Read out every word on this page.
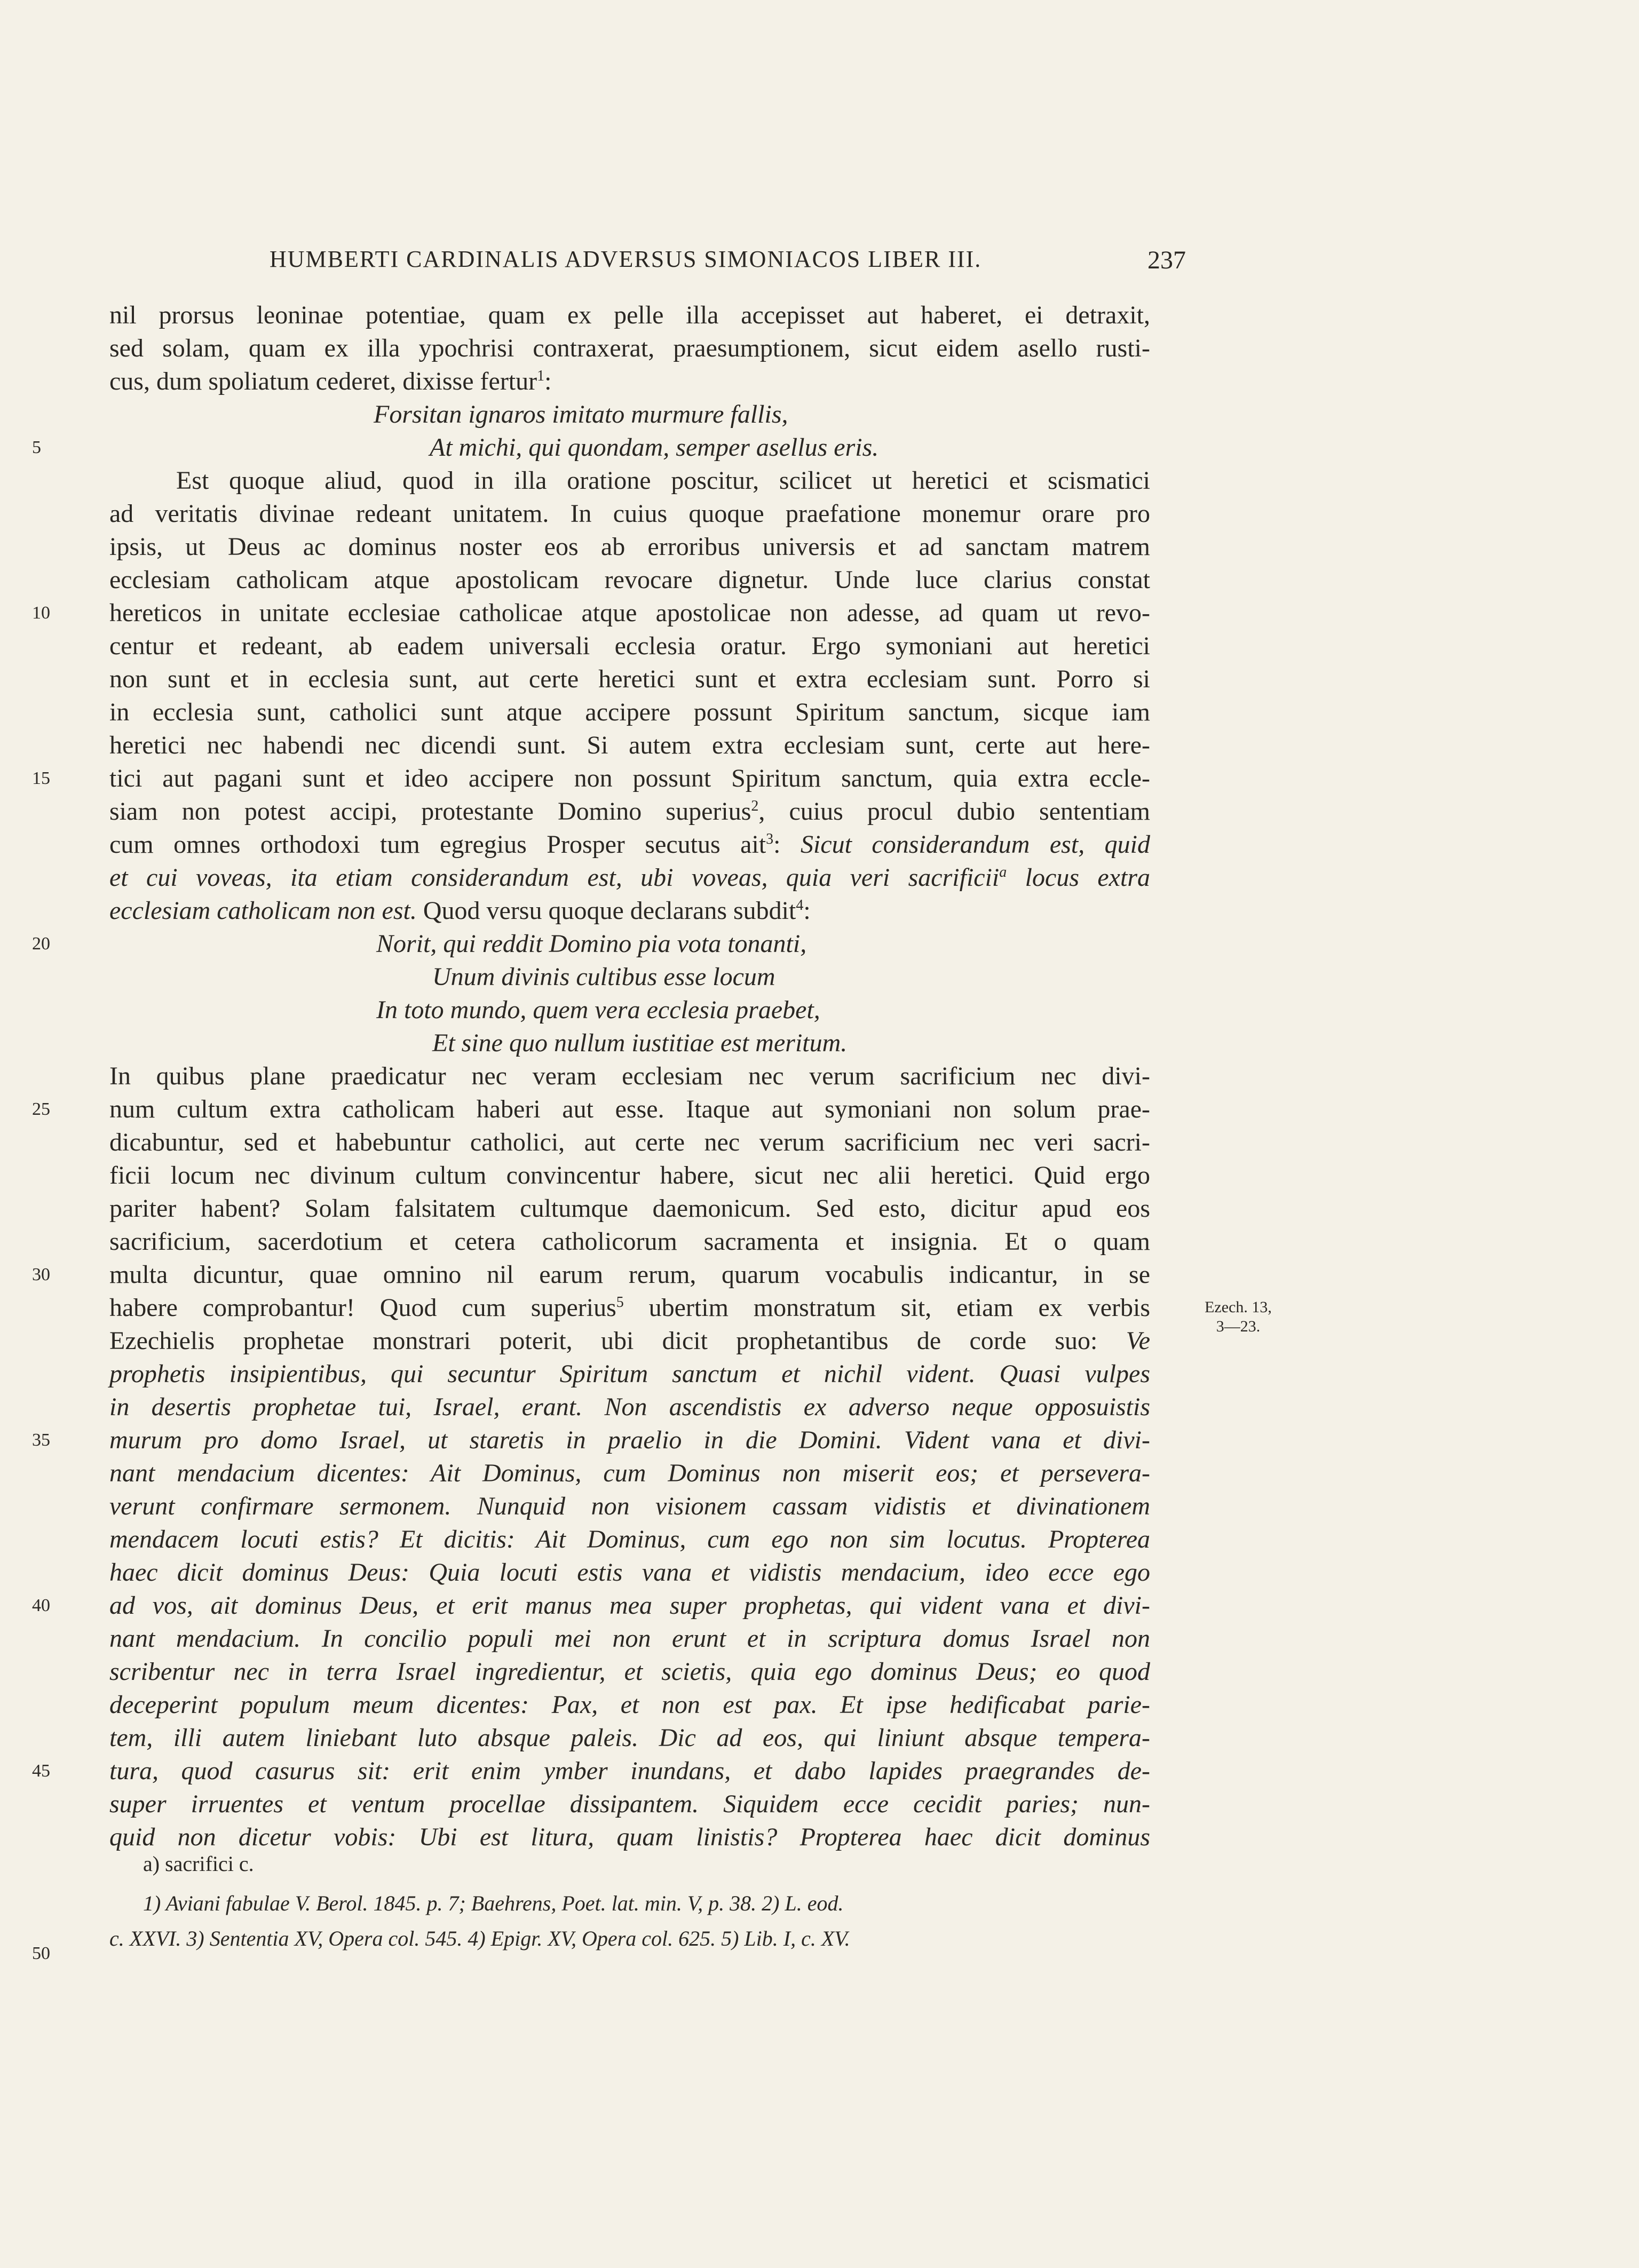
HUMBERTI CARDINALIS ADVERSUS SIMONIACOS LIBER III.	237
5
10
15
20
25
30
35
40
45
50
nil prorsus leoninae potentiae, quam ex pelle illa accepisset aut haberet, ei detraxit,
sed solam, quam ex illa ypochrisi contraxerat, praesumptionem, sicut eidem asello rusti-
cus, dum spoliatum cederet, dixisse fertur$^1$:
Forsitan ignaros imitato murmure fallis,
At michi, qui quondam, semper asellus eris.
Est quoque aliud, quod in illa oratione poscitur, scilicet ut heretici et scismatici
ad veritatis divinae redeant unitatem. In cuius quoque praefatione monemur orare pro
ipsis, ut Deus ac dominus noster eos ab erroribus universis et ad sanctam matrem
ecclesiam catholicam atque apostolicam revocare dignetur. Unde luce clarius constat
hereticos in unitate ecclesiae catholicae atque apostolicae non adesse, ad quam ut revo-
centur et redeant, ab eadem universali ecclesia oratur. Ergo symoniani aut heretici
non sunt et in ecclesia sunt, aut certe heretici sunt et extra ecclesiam sunt. Porro si
in ecclesia sunt, catholici sunt atque accipere possunt Spiritum sanctum, sicque iam
heretici nec habendi nec dicendi sunt. Si autem extra ecclesiam sunt, certe aut here-
tici aut pagani sunt et ideo accipere non possunt Spiritum sanctum, quia extra eccle-
siam non potest accipi, protestante Domino superius$^2$, cuius procul dubio sententiam
cum omnes orthodoxi tum egregius Prosper secutus ait$^3$: Sicut considerandum est, quid
et cui voveas, ita etiam considerandum est, ubi voveas, quia veri sacrificii$^a$ locus extra
ecclesiam catholicam non est. Quod versu quoque declarans subdit$^4$:
Norit, qui reddit Domino pia vota tonanti,
Unum divinis cultibus esse locum
In toto mundo, quem vera ecclesia praebet,
Et sine quo nullum iustitiae est meritum.
In quibus plane praedicatur nec veram ecclesiam nec verum sacrificium nec divi-
num cultum extra catholicam haberi aut esse. Itaque aut symoniani non solum prae-
dicabuntur, sed et habebuntur catholici, aut certe nec verum sacrificium nec veri sacri-
ficii locum nec divinum cultum convincentur habere, sicut nec alii heretici. Quid ergo
pariter habent? Solam falsitatem cultumque daemonicum. Sed esto, dicitur apud eos
sacrificium, sacerdotium et cetera catholicorum sacramenta et insignia. Et o quam
multa dicuntur, quae omnino nil earum rerum, quarum vocabulis indicantur, in se
habere comprobantur! Quod cum superius$^5$ ubertim monstratum sit, etiam ex verbis
Ezechielis prophetae monstrari poterit, ubi dicit prophetantibus de corde suo: Ve
prophetis insipientibus, qui secuntur Spiritum sanctum et nichil vident. Quasi vulpes
in desertis prophetae tui, Israel, erant. Non ascendistis ex adverso neque opposuistis
murum pro domo Israel, ut staretis in praelio in die Domini. Vident vana et divi-
nant mendacium dicentes: Ait Dominus, cum Dominus non miserit eos; et persevera-
verunt confirmare sermonem. Nunquid non visionem cassam vidistis et divinationem
mendacem locuti estis? Et dicitis: Ait Dominus, cum ego non sim locutus. Propterea
haec dicit dominus Deus: Quia locuti estis vana et vidistis mendacium, ideo ecce ego
ad vos, ait dominus Deus, et erit manus mea super prophetas, qui vident vana et divi-
nant mendacium. In concilio populi mei non erunt et in scriptura domus Israel non
scribentur nec in terra Israel ingredientur, et scietis, quia ego dominus Deus; eo quod
deceperint populum meum dicentes: Pax, et non est pax. Et ipse hedificabat parie-
tem, illi autem liniebant luto absque paleis. Dic ad eos, qui liniunt absque tempera-
tura, quod casurus sit: erit enim ymber inundans, et dabo lapides praegrandes de-
super irruentes et ventum procellae dissipantem. Siquidem ecce cecidit paries; nun-
quid non dicetur vobis: Ubi est litura, quam linistis? Propterea haec dicit dominus
Ezech. 13,
3—23.
a) sacrifici c.
1) Aviani fabulae V. Berol. 1845. p. 7; Baehrens, Poet. lat. min. V, p. 38. 2) L. eod.
c. XXVI. 3) Sententia XV, Opera col. 545. 4) Epigr. XV, Opera col. 625. 5) Lib. I, c. XV.
